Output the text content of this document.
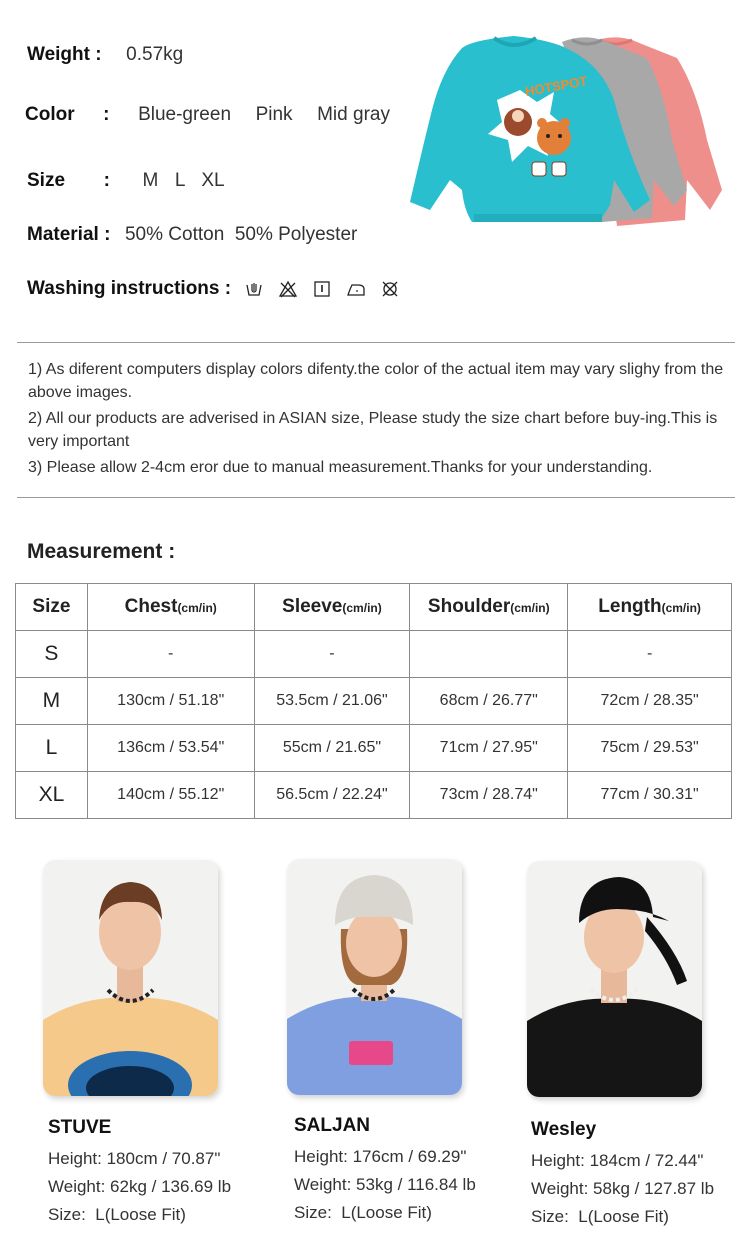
Weight : 0.57kg
Color : Blue-green Pink Mid gray
Size : M L XL
Material : 50% Cotton  50% Polyester
Washing instructions :
HOTSPOT

1) As diferent computers display colors difenty.the color of the actual item may vary slighy from the above images.

2) All our products are adverised in ASIAN size, Please study the size chart before buy-ing.This is very important

3) Please allow 2-4cm eror due to manual measurement.Thanks for your understanding.

Measurement :
Size	Chest(cm/in)	Sleeve(cm/in)	Shoulder(cm/in)	Length(cm/in)
S	-	-		-
M	130cm / 51.18"	53.5cm / 21.06"	68cm / 26.77"	72cm / 28.35"
L	136cm / 53.54"	55cm / 21.65"	71cm / 27.95"	75cm / 29.53"
XL	140cm / 55.12"	56.5cm / 22.24"	73cm / 28.74"	77cm / 30.31"
STUVE
Height: 180cm / 70.87"
Weight: 62kg / 136.69 lb
Size:  L(Loose Fit)
SALJAN
Height: 176cm / 69.29"
Weight: 53kg / 116.84 lb
Size:  L(Loose Fit)
Wesley
Height: 184cm / 72.44"
Weight: 58kg / 127.87 lb
Size:  L(Loose Fit)
